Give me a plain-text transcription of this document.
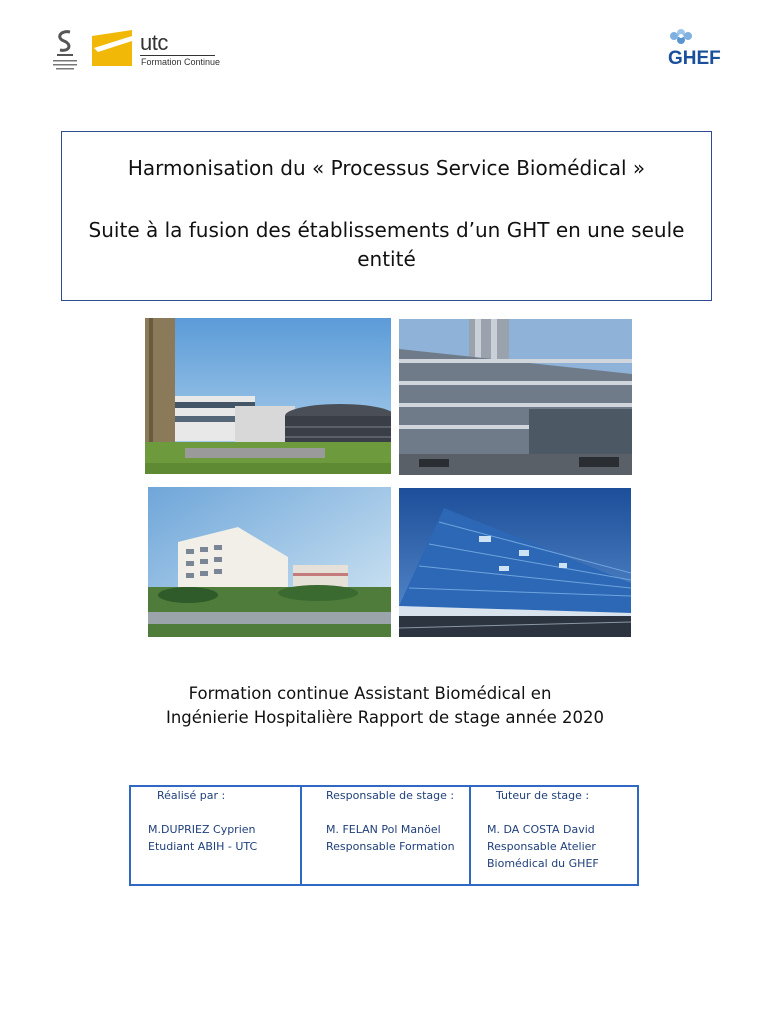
utc
Formation Continue	GHEF
Harmonisation du « Processus Service Biomédical »
Suite à la fusion des établissements d’un GHT en une seule entité
Formation continue Assistant Biomédical en
Ingénierie Hospitalière Rapport de stage année 2020
Réalisé par :
M.DUPRIEZ Cyprien
Etudiant ABIH - UTC
Responsable de stage :
M. FELAN Pol Manöel
Responsable Formation
Tuteur de stage :
M. DA COSTA David
Responsable Atelier
Biomédical du GHEF
